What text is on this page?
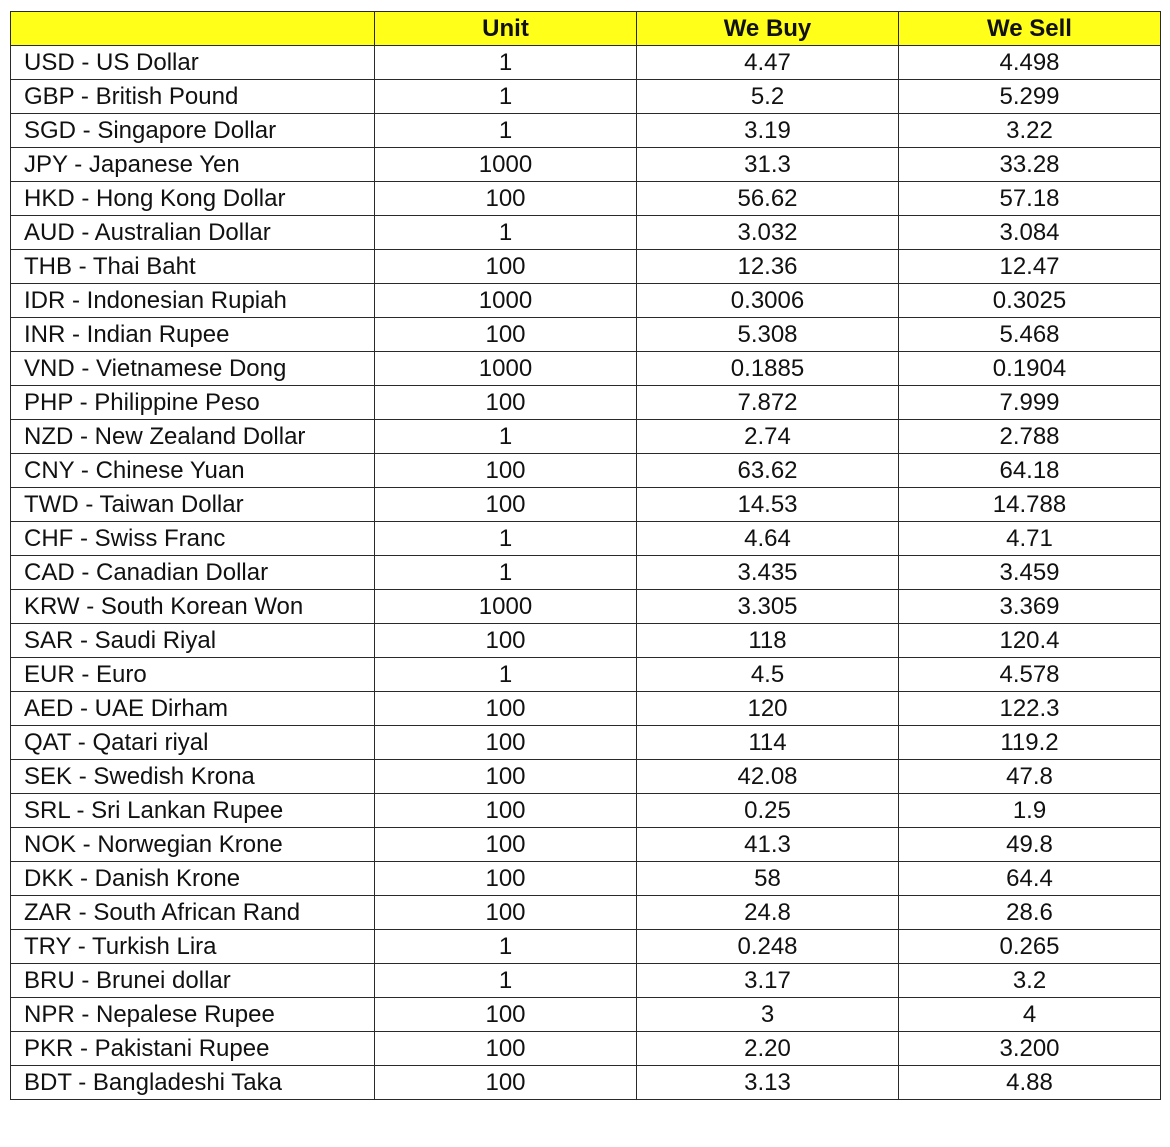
	Unit	We Buy	We Sell
USD - US Dollar	1	4.47	4.498
GBP - British Pound	1	5.2	5.299
SGD - Singapore Dollar	1	3.19	3.22
JPY - Japanese Yen	1000	31.3	33.28
HKD - Hong Kong Dollar	100	56.62	57.18
AUD - Australian Dollar	1	3.032	3.084
THB - Thai Baht	100	12.36	12.47
IDR - Indonesian Rupiah	1000	0.3006	0.3025
INR - Indian Rupee	100	5.308	5.468
VND - Vietnamese Dong	1000	0.1885	0.1904
PHP - Philippine Peso	100	7.872	7.999
NZD - New Zealand Dollar	1	2.74	2.788
CNY - Chinese Yuan	100	63.62	64.18
TWD - Taiwan Dollar	100	14.53	14.788
CHF - Swiss Franc	1	4.64	4.71
CAD - Canadian Dollar	1	3.435	3.459
KRW - South Korean Won	1000	3.305	3.369
SAR - Saudi Riyal	100	118	120.4
EUR - Euro	1	4.5	4.578
AED - UAE Dirham	100	120	122.3
QAT - Qatari riyal	100	114	119.2
SEK - Swedish Krona	100	42.08	47.8
SRL - Sri Lankan Rupee	100	0.25	1.9
NOK - Norwegian Krone	100	41.3	49.8
DKK - Danish Krone	100	58	64.4
ZAR - South African Rand	100	24.8	28.6
TRY - Turkish Lira	1	0.248	0.265
BRU - Brunei dollar	1	3.17	3.2
NPR - Nepalese Rupee	100	3	4
PKR - Pakistani Rupee	100	2.20	3.200
BDT - Bangladeshi Taka	100	3.13	4.88
